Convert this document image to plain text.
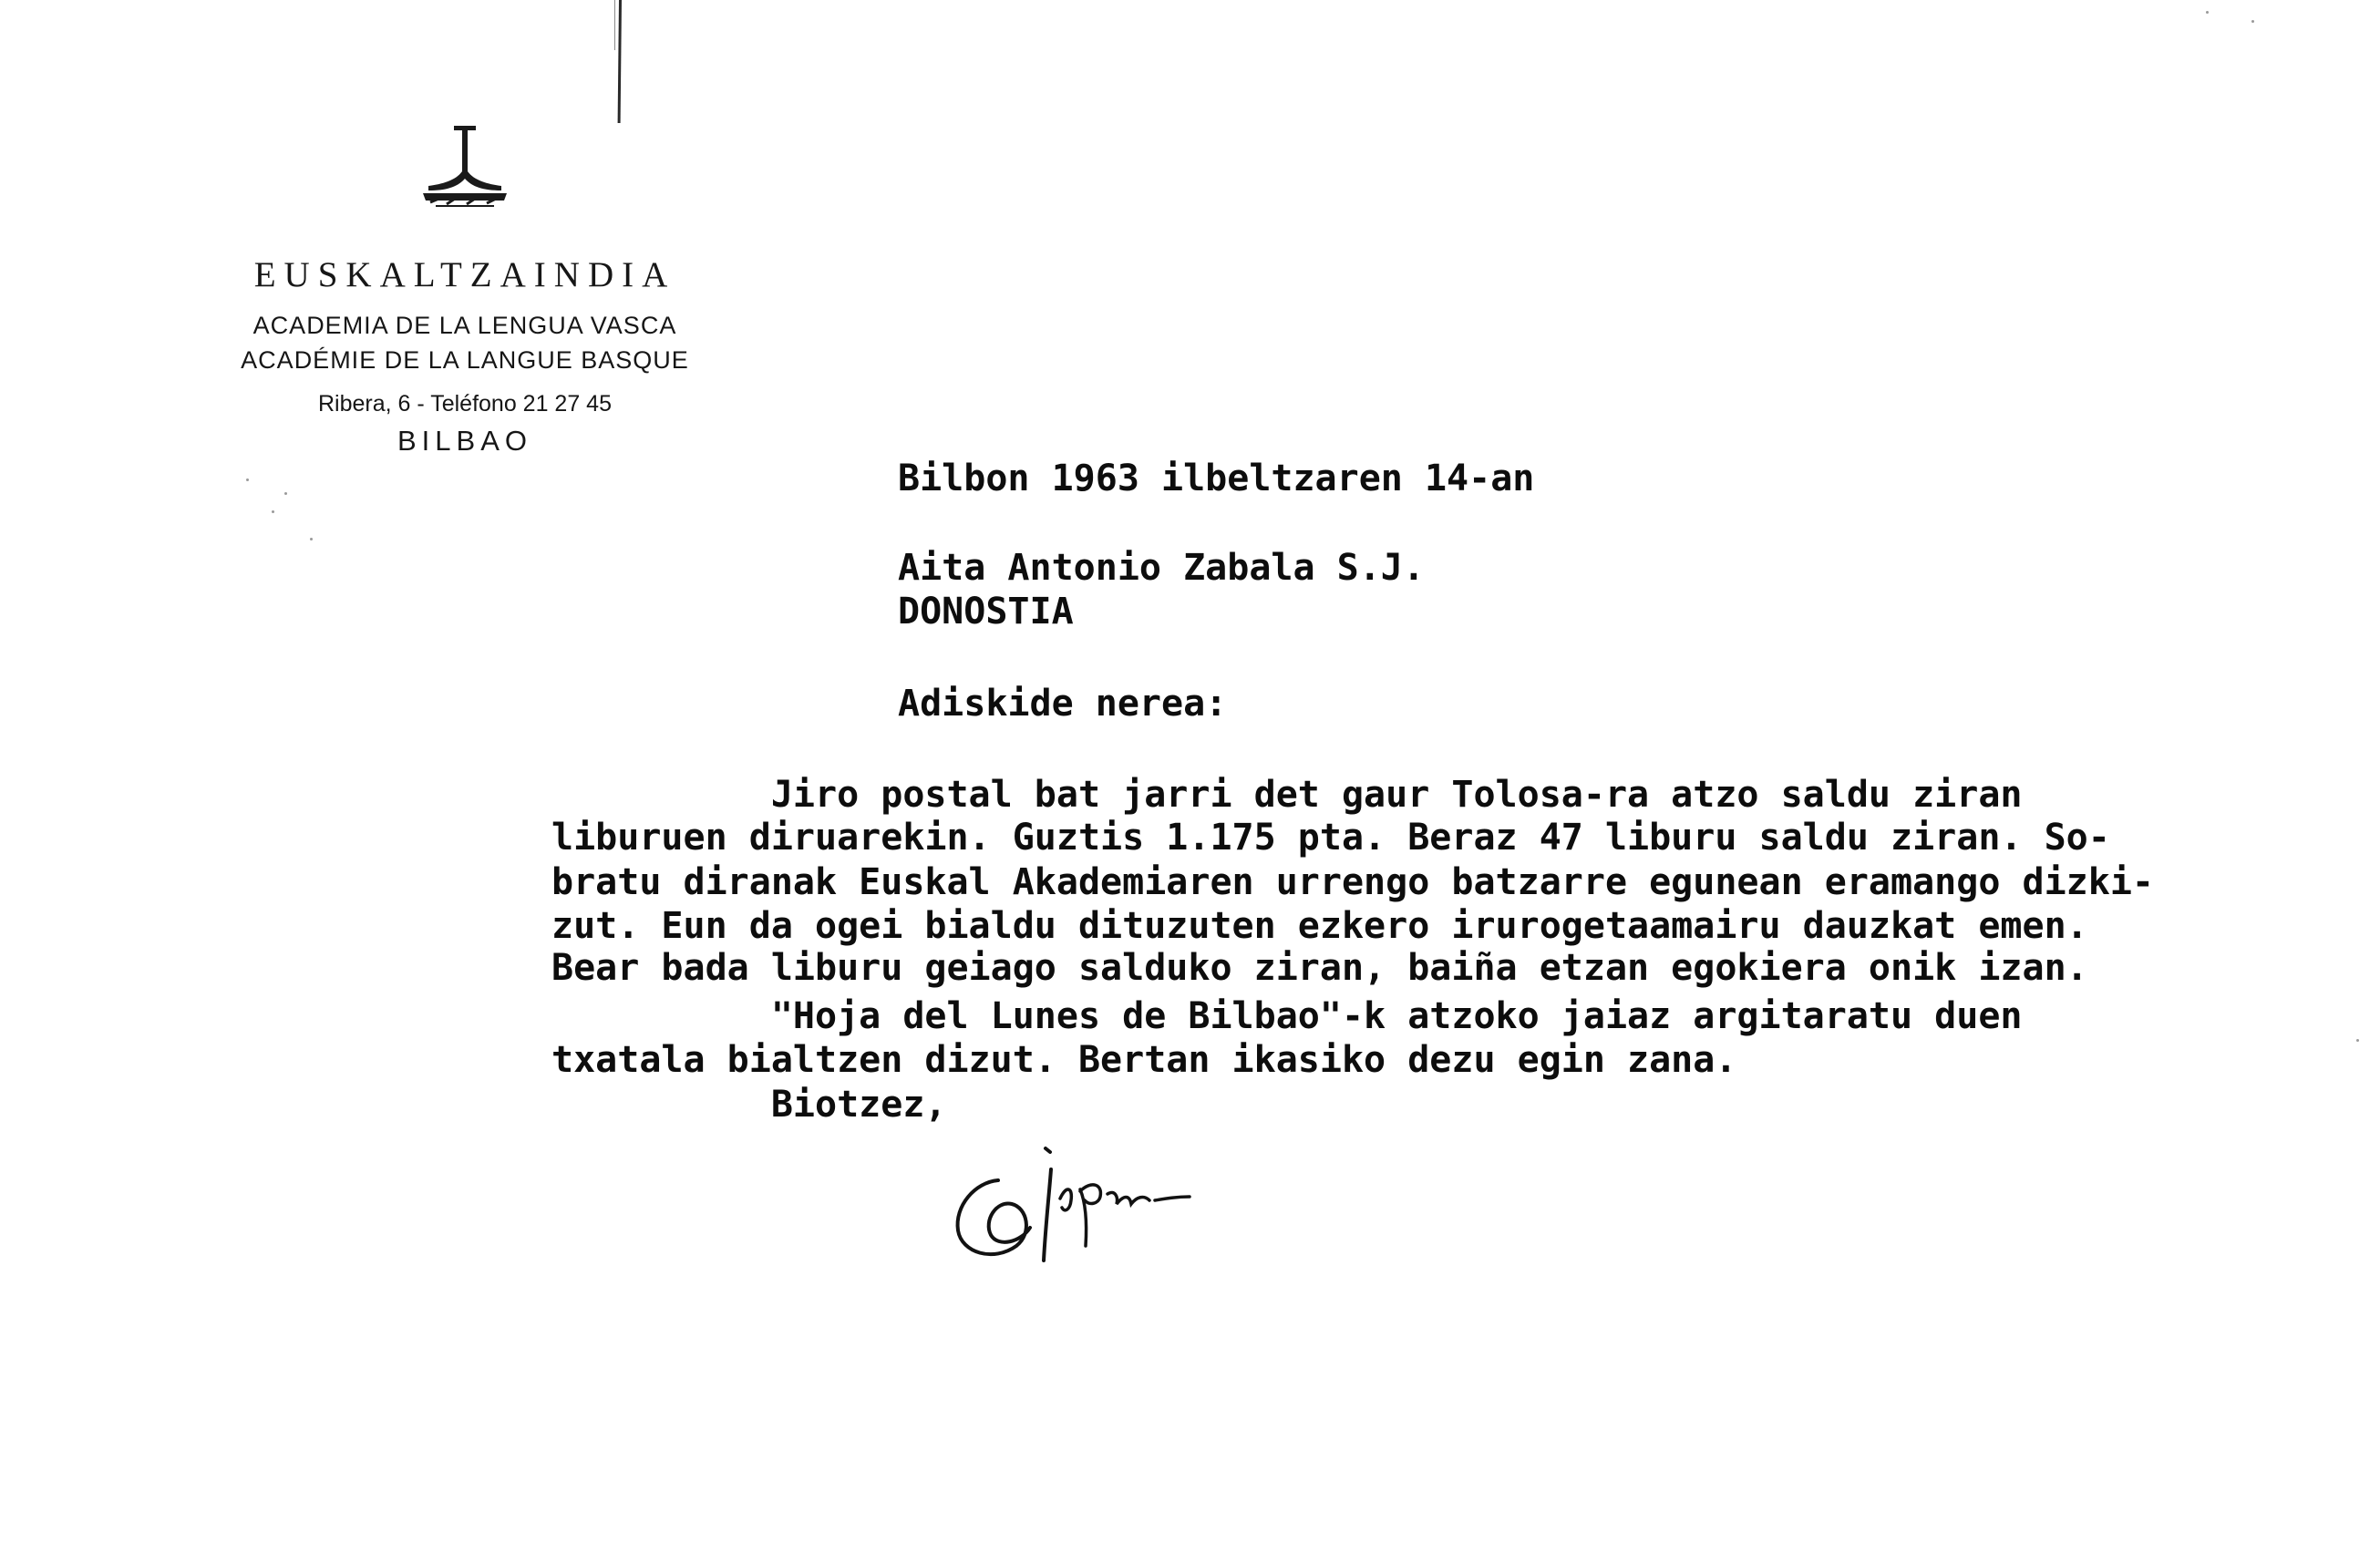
EUSKALTZAINDIA
ACADEMIA DE LA LENGUA VASCA
ACADÉMIE DE LA LANGUE BASQUE
Ribera, 6 - Teléfono 21 27 45
BILBAO
Bilbon 1963 ilbeltzaren 14-an
Aita Antonio Zabala S.J.
DONOSTIA
Adiskide nerea:
Jiro postal bat jarri det gaur Tolosa-ra atzo saldu ziran
liburuen diruarekin. Guztis 1.175 pta. Beraz 47 liburu saldu ziran. So-
bratu diranak Euskal Akademiaren urrengo batzarre egunean eramango dizki-
zut. Eun da ogei bialdu dituzuten ezkero irurogetaamairu dauzkat emen.
Bear bada liburu geiago salduko ziran, baiña etzan egokiera onik izan.
"Hoja del Lunes de Bilbao"-k atzoko jaiaz argitaratu duen
txatala bialtzen dizut. Bertan ikasiko dezu egin zana.
Biotzez,
